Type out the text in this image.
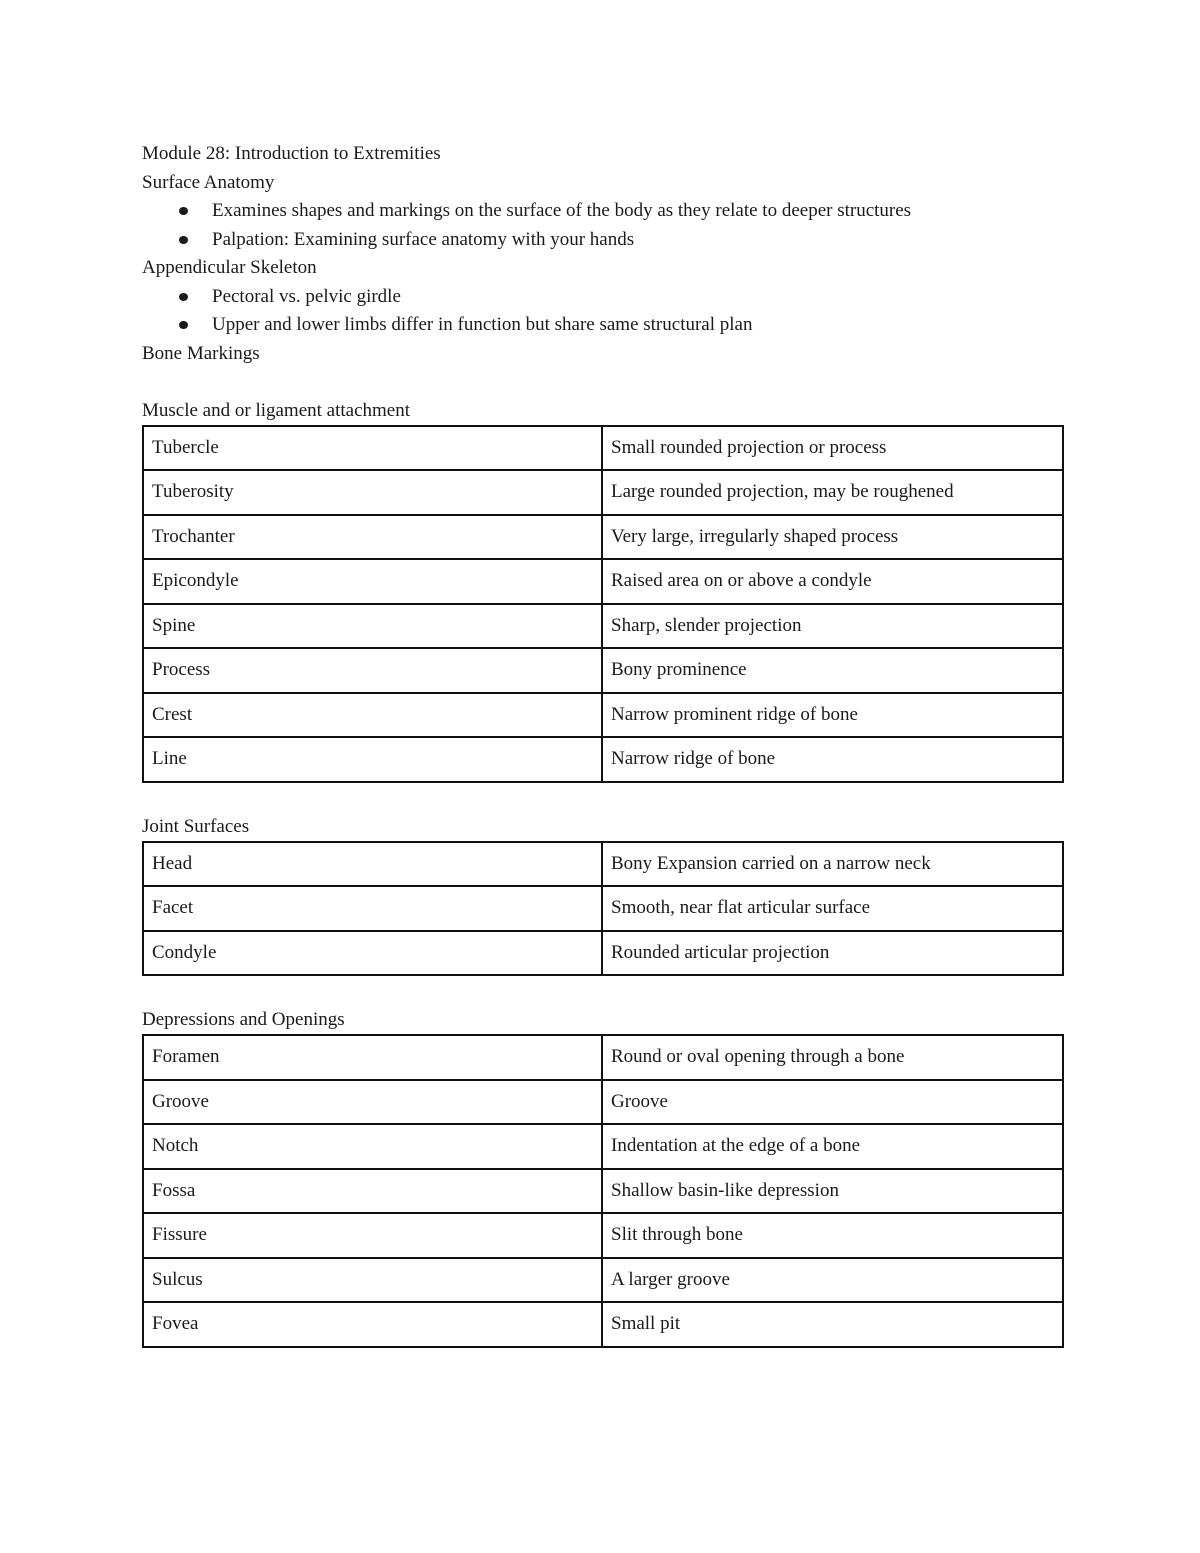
Module 28: Introduction to Extremities
Surface Anatomy
Examines shapes and markings on the surface of the body as they relate to deeper structures
Palpation: Examining surface anatomy with your hands
Appendicular Skeleton
Pectoral vs. pelvic girdle
Upper and lower limbs differ in function but share same structural plan
Bone Markings
Muscle and or ligament attachment
Tubercle	Small rounded projection or process
Tuberosity	Large rounded projection, may be roughened
Trochanter	Very large, irregularly shaped process
Epicondyle	Raised area on or above a condyle
Spine	Sharp, slender projection
Process	Bony prominence
Crest	Narrow prominent ridge of bone
Line	Narrow ridge of bone
Joint Surfaces
Head	Bony Expansion carried on a narrow neck
Facet	Smooth, near flat articular surface
Condyle	Rounded articular projection
Depressions and Openings
Foramen	Round or oval opening through a bone
Groove	Groove
Notch	Indentation at the edge of a bone
Fossa	Shallow basin-like depression
Fissure	Slit through bone
Sulcus	A larger groove
Fovea	Small pit
